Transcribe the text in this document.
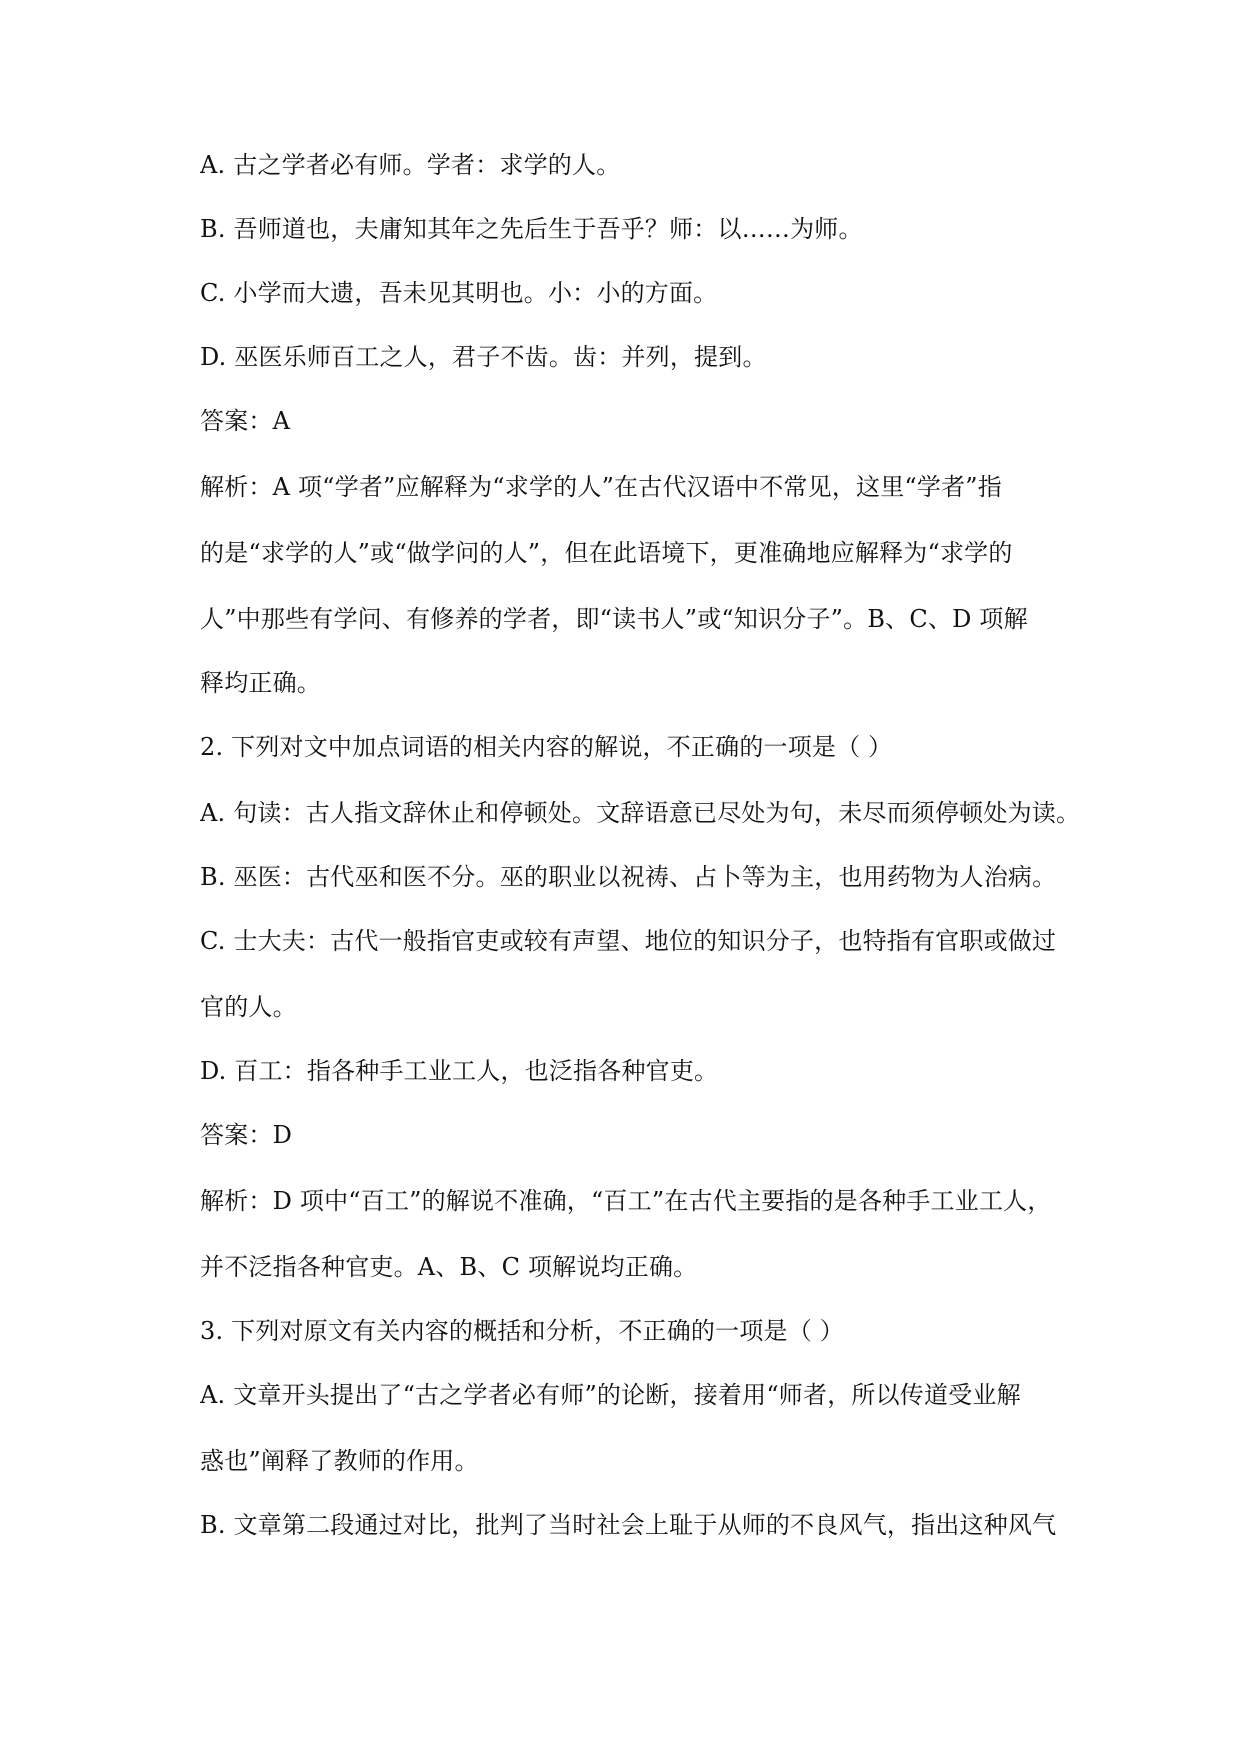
A. 古之学者必有师。学者：求学的人。
B. 吾师道也，夫庸知其年之先后生于吾乎？师：以……为师。
C. 小学而大遗，吾未见其明也。小：小的方面。
D. 巫医乐师百工之人，君子不齿。齿：并列，提到。
答案：A
解析：A 项“学者”应解释为“求学的人”在古代汉语中不常见，这里“学者”指
的是“求学的人”或“做学问的人”，但在此语境下，更准确地应解释为“求学的
人”中那些有学问、有修养的学者，即“读书人”或“知识分子”。B、C、D 项解
释均正确。
2. 下列对文中加点词语的相关内容的解说，不正确的一项是（ ）
A. 句读：古人指文辞休止和停顿处。文辞语意已尽处为句，未尽而须停顿处为读。
B. 巫医：古代巫和医不分。巫的职业以祝祷、占卜等为主，也用药物为人治病。
C. 士大夫：古代一般指官吏或较有声望、地位的知识分子，也特指有官职或做过
官的人。
D. 百工：指各种手工业工人，也泛指各种官吏。
答案：D
解析：D 项中“百工”的解说不准确，“百工”在古代主要指的是各种手工业工人，
并不泛指各种官吏。A、B、C 项解说均正确。
3. 下列对原文有关内容的概括和分析，不正确的一项是（ ）
A. 文章开头提出了“古之学者必有师”的论断，接着用“师者，所以传道受业解
惑也”阐释了教师的作用。
B. 文章第二段通过对比，批判了当时社会上耻于从师的不良风气，指出这种风气
